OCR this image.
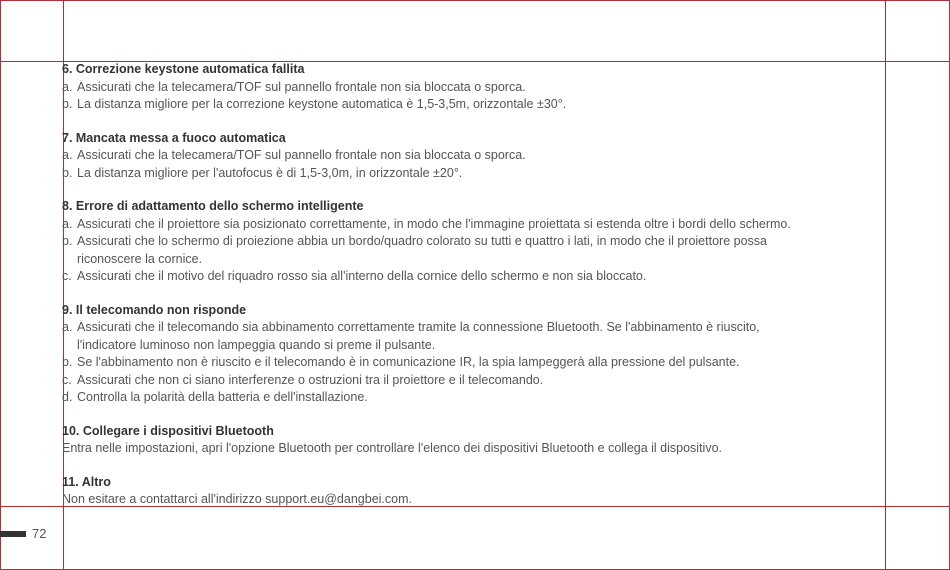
6. Correzione keystone automatica fallita

a. Assicurati che la telecamera/TOF sul pannello frontale non sia bloccata o sporca.

b. La distanza migliore per la correzione keystone automatica è 1,5-3,5m, orizzontale ±30°.

7. Mancata messa a fuoco automatica

a. Assicurati che la telecamera/TOF sul pannello frontale non sia bloccata o sporca.

b. La distanza migliore per l'autofocus è di 1,5-3,0m, in orizzontale ±20°.

8. Errore di adattamento dello schermo intelligente

a. Assicurati che il proiettore sia posizionato correttamente, in modo che l'immagine proiettata si estenda oltre i bordi dello schermo.

b. Assicurati che lo schermo di proiezione abbia un bordo/quadro colorato su tutti e quattro i lati, in modo che il proiettore possa

riconoscere la cornice.

c. Assicurati che il motivo del riquadro rosso sia all'interno della cornice dello schermo e non sia bloccato.

9. Il telecomando non risponde

a. Assicurati che il telecomando sia abbinamento correttamente tramite la connessione Bluetooth. Se l'abbinamento è riuscito,

l'indicatore luminoso non lampeggia quando si preme il pulsante.

b. Se l'abbinamento non è riuscito e il telecomando è in comunicazione IR, la spia lampeggerà alla pressione del pulsante.

c. Assicurati che non ci siano interferenze o ostruzioni tra il proiettore e il telecomando.

d. Controlla la polarità della batteria e dell'installazione.

10. Collegare i dispositivi Bluetooth

Entra nelle impostazioni, apri l'opzione Bluetooth per controllare l'elenco dei dispositivi Bluetooth e collega il dispositivo.

11. Altro

Non esitare a contattarci all'indirizzo support.eu@dangbei.com.

72
